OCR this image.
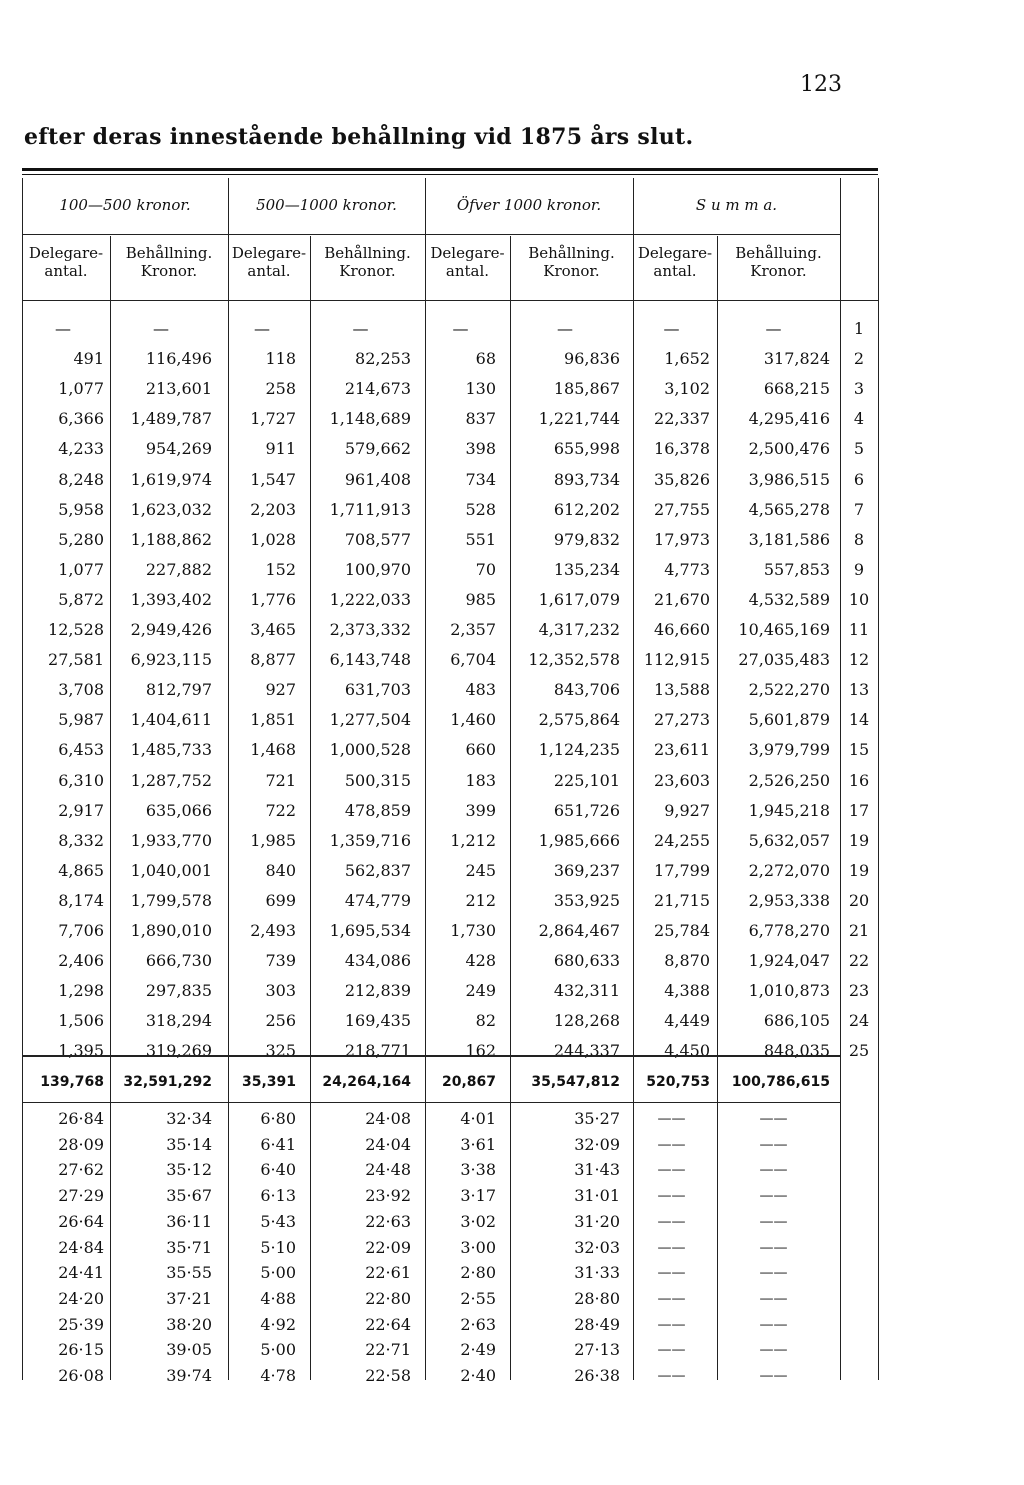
123
efter deras innestående behållning vid 1875 års slut.
100—500 kronor.	500—1000 kronor.	Öfver 1000 kronor.	S u m m a.
Delegare-
antal.
Behållning.
Kronor.
Delegare-
antal.
Behållning.
Kronor.
Delegare-
antal.
Behållning.
Kronor.
Delegare-
antal.
Behålluing.
Kronor.
—	—	—	—	—	—	—	—	1
491	116,496	118	82,253	68	96,836	1,652	317,824	2
1,077	213,601	258	214,673	130	185,867	3,102	668,215	3
6,366	1,489,787	1,727	1,148,689	837	1,221,744	22,337	4,295,416	4
4,233	954,269	911	579,662	398	655,998	16,378	2,500,476	5
8,248	1,619,974	1,547	961,408	734	893,734	35,826	3,986,515	6
5,958	1,623,032	2,203	1,711,913	528	612,202	27,755	4,565,278	7
5,280	1,188,862	1,028	708,577	551	979,832	17,973	3,181,586	8
1,077	227,882	152	100,970	70	135,234	4,773	557,853	9
5,872	1,393,402	1,776	1,222,033	985	1,617,079	21,670	4,532,589	10
12,528	2,949,426	3,465	2,373,332	2,357	4,317,232	46,660	10,465,169	11
27,581	6,923,115	8,877	6,143,748	6,704	12,352,578	112,915	27,035,483	12
3,708	812,797	927	631,703	483	843,706	13,588	2,522,270	13
5,987	1,404,611	1,851	1,277,504	1,460	2,575,864	27,273	5,601,879	14
6,453	1,485,733	1,468	1,000,528	660	1,124,235	23,611	3,979,799	15
6,310	1,287,752	721	500,315	183	225,101	23,603	2,526,250	16
2,917	635,066	722	478,859	399	651,726	9,927	1,945,218	17
8,332	1,933,770	1,985	1,359,716	1,212	1,985,666	24,255	5,632,057	19
4,865	1,040,001	840	562,837	245	369,237	17,799	2,272,070	19
8,174	1,799,578	699	474,779	212	353,925	21,715	2,953,338	20
7,706	1,890,010	2,493	1,695,534	1,730	2,864,467	25,784	6,778,270	21
2,406	666,730	739	434,086	428	680,633	8,870	1,924,047	22
1,298	297,835	303	212,839	249	432,311	4,388	1,010,873	23
1,506	318,294	256	169,435	82	128,268	4,449	686,105	24
1,395	319,269	325	218,771	162	244,337	4,450	848,035	25
139,768	32,591,292	35,391	24,264,164	20,867	35,547,812	520,753	100,786,615
26·84	32·34	6·80	24·08	4·01	35·27	——	——
28·09	35·14	6·41	24·04	3·61	32·09	——	——
27·62	35·12	6·40	24·48	3·38	31·43	——	——
27·29	35·67	6·13	23·92	3·17	31·01	——	——
26·64	36·11	5·43	22·63	3·02	31·20	——	——
24·84	35·71	5·10	22·09	3·00	32·03	——	——
24·41	35·55	5·00	22·61	2·80	31·33	——	——
24·20	37·21	4·88	22·80	2·55	28·80	——	——
25·39	38·20	4·92	22·64	2·63	28·49	——	——
26·15	39·05	5·00	22·71	2·49	27·13	——	——
26·08	39·74	4·78	22·58	2·40	26·38	——	——
